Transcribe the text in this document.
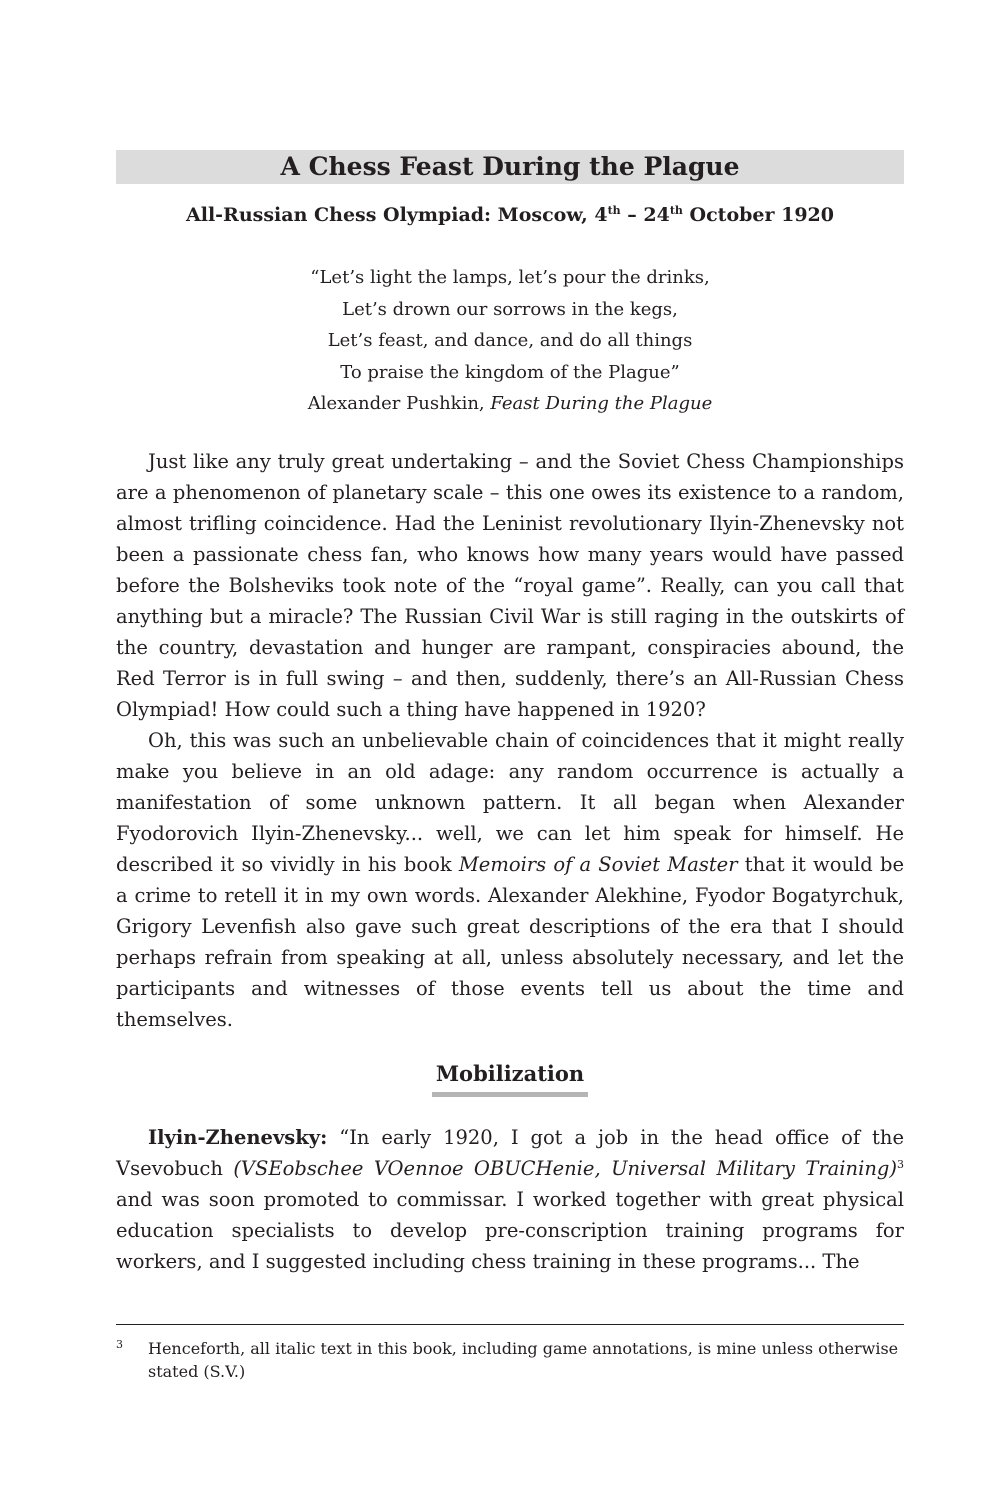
A Chess Feast During the Plague
All-Russian Chess Olympiad: Moscow, 4th – 24th October 1920
“Let’s light the lamps, let’s pour the drinks,
Let’s drown our sorrows in the kegs,
Let’s feast, and dance, and do all things
To praise the kingdom of the Plague”
Alexander Pushkin, Feast During the Plague

Just like any truly great undertaking – and the Soviet Chess Championships are a phenomenon of planetary scale – this one owes its existence to a random, almost trifling coincidence. Had the Leninist revolutionary Ilyin-Zhenevsky not been a passionate chess fan, who knows how many years would have passed before the Bolsheviks took note of the “royal game”. Really, can you call that anything but a miracle? The Russian Civil War is still raging in the outskirts of the country, devastation and hunger are rampant, conspiracies abound, the Red Terror is in full swing – and then, suddenly, there’s an All-Russian Chess Olympiad! How could such a thing have happened in 1920?

Oh, this was such an unbelievable chain of coincidences that it might really make you believe in an old adage: any random occurrence is actually a manifestation of some unknown pattern. It all began when Alexander Fyodorovich Ilyin-Zhenevsky... well, we can let him speak for himself. He described it so vividly in his book Memoirs of a Soviet Master that it would be a crime to retell it in my own words. Alexander Alekhine, Fyodor Bogatyrchuk, Grigory Levenfish also gave such great descriptions of the era that I should perhaps refrain from speaking at all, unless absolutely necessary, and let the participants and witnesses of those events tell us about the time and themselves.

Mobilization

Ilyin-Zhenevsky: “In early 1920, I got a job in the head office of the Vsevobuch (VSEobschee VOennoe OBUCHenie, Universal Military Training)$^3$ and was soon promoted to commissar. I worked together with great physical education specialists to develop pre-conscription training programs for workers, and I suggested including chess training in these programs... The

3 Henceforth, all italic text in this book, including game annotations, is mine unless otherwise stated (S.V.)
